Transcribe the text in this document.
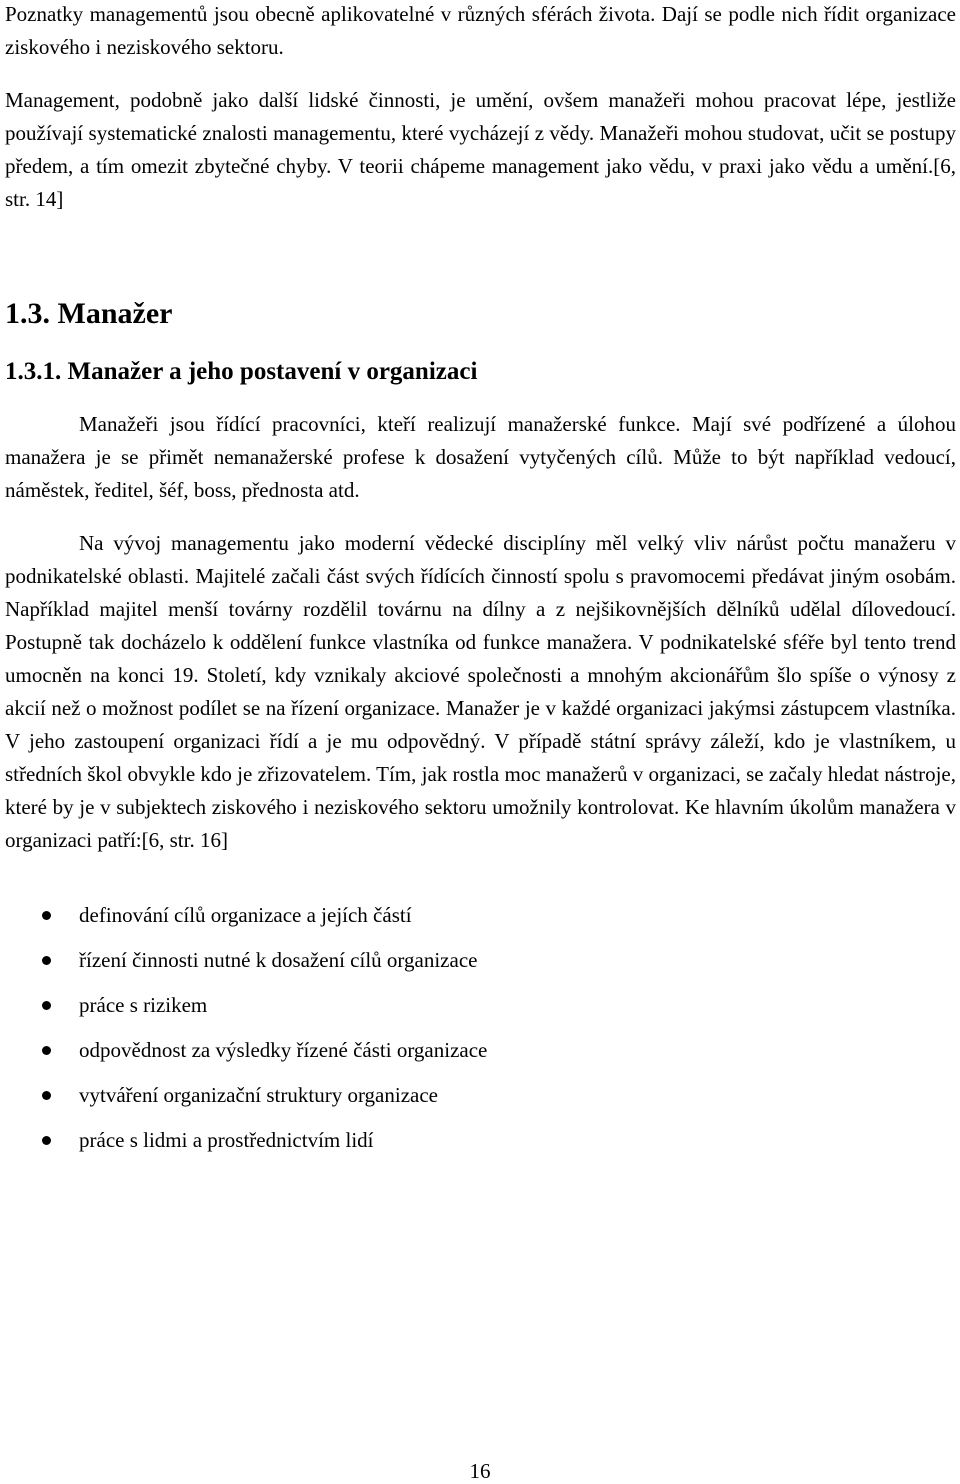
Poznatky managementů jsou obecně aplikovatelné v různých sférách života. Dají se podle nich řídit organizace ziskového i neziskového sektoru.

Management, podobně jako další lidské činnosti, je umění, ovšem manažeři mohou pracovat lépe, jestliže používají systematické znalosti managementu, které vycházejí z vědy. Manažeři mohou studovat, učit se postupy předem, a tím omezit zbytečné chyby. V teorii chápeme management jako vědu, v praxi jako vědu a umění.[6, str. 14]

1.3. Manažer
1.3.1. Manažer a jeho postavení v organizaci

Manažeři jsou řídící pracovníci, kteří realizují manažerské funkce. Mají své podřízené a úlohou manažera je se přimět nemanažerské profese k dosažení vytyčených cílů. Může to být například vedoucí, náměstek, ředitel, šéf, boss, přednosta atd.

Na vývoj managementu jako moderní vědecké disciplíny měl velký vliv nárůst počtu manažeru v podnikatelské oblasti. Majitelé začali část svých řídících činností spolu s pravomocemi předávat jiným osobám. Například majitel menší továrny rozdělil továrnu na dílny a z nejšikovnějších dělníků udělal dílovedoucí. Postupně tak docházelo k oddělení funkce vlastníka od funkce manažera. V podnikatelské sféře byl tento trend umocněn na konci 19. Století, kdy vznikaly akciové společnosti a mnohým akcionářům šlo spíše o výnosy z akcií než o možnost podílet se na řízení organizace. Manažer je v každé organizaci jakýmsi zástupcem vlastníka. V jeho zastoupení organizaci řídí a je mu odpovědný. V případě státní správy záleží, kdo je vlastníkem, u středních škol obvykle kdo je zřizovatelem. Tím, jak rostla moc manažerů v organizaci, se začaly hledat nástroje, které by je v subjektech ziskového i neziskového sektoru umožnily kontrolovat. Ke hlavním úkolům manažera v organizaci patří:[6, str. 16]

definování cílů organizace a jejích částí
řízení činnosti nutné k dosažení cílů organizace
práce s rizikem
odpovědnost za výsledky řízené části organizace
vytváření organizační struktury organizace
práce s lidmi a prostřednictvím lidí
16
